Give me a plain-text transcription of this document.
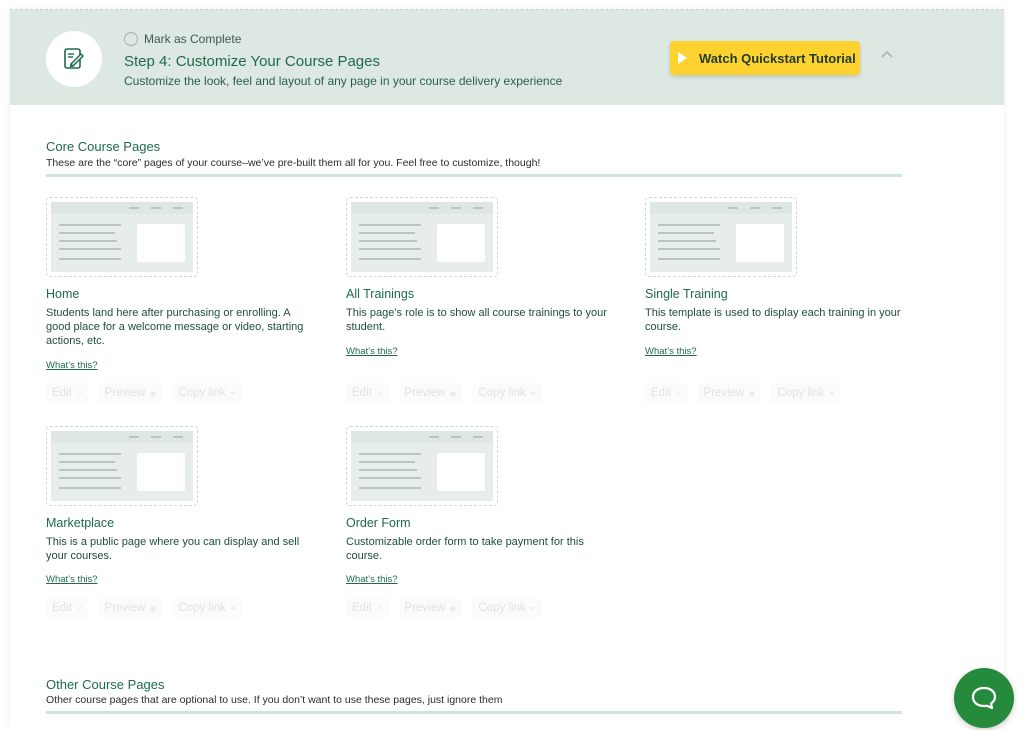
Mark as Complete
Step 4: Customize Your Course Pages
Customize the look, feel and layout of any page in your course delivery experience
Watch Quickstart Tutorial
Core Course Pages
These are the “core” pages of your course–we’ve pre-built them all for you. Feel free to customize, though!
Home
Students land here after purchasing or enrolling. A good place for a welcome message or video, starting actions, etc.
What’s this?
Edit ↗ Preview ◉ Copy link ⚭
All Trainings
This page’s role is to show all course trainings to your student.
What’s this?
Edit ↗ Preview ◉ Copy link ⚭
Single Training
This template is used to display each training in your course.
What’s this?
Edit ↗ Preview ◉ Copy link ⚭
Marketplace
This is a public page where you can display and sell your courses.
What’s this?
Edit ↗ Preview ◉ Copy link ⚭
Order Form
Customizable order form to take payment for this course.
What’s this?
Edit ↗ Preview ◉ Copy link ⚭
Other Course Pages
Other course pages that are optional to use. If you don’t want to use these pages, just ignore them
